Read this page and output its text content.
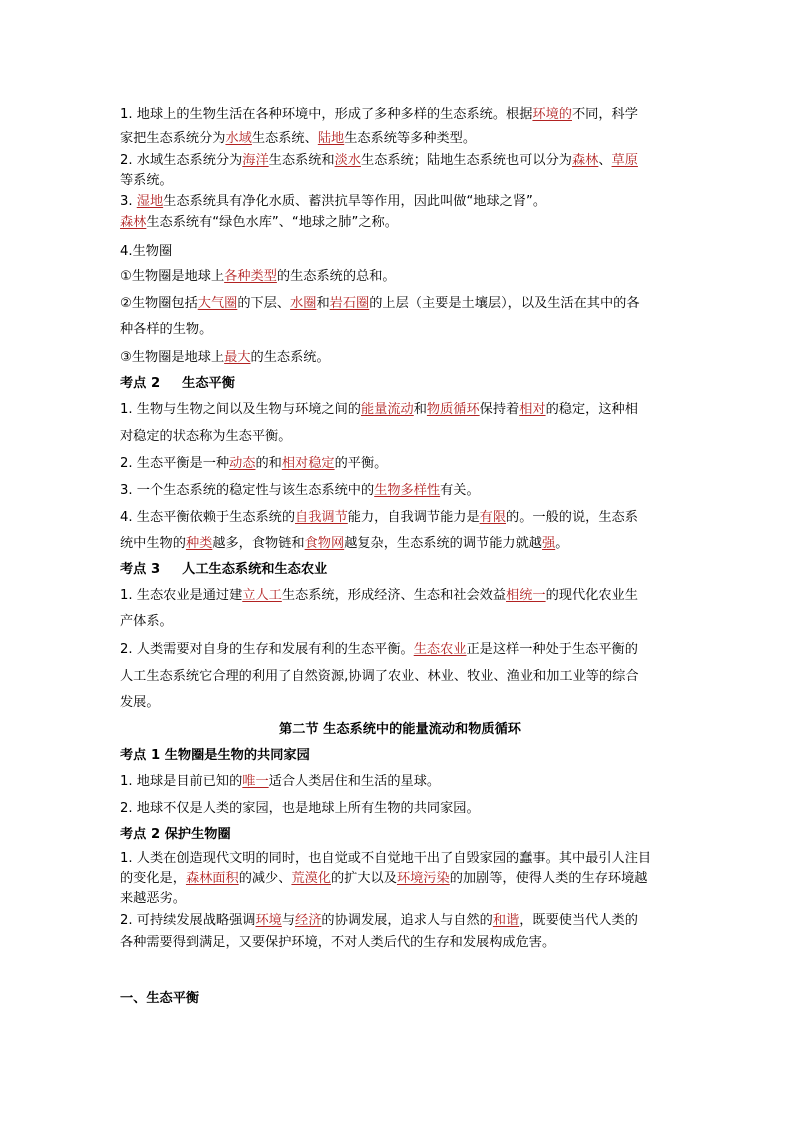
1. 地球上的生物生活在各种环境中，形成了多种多样的生态系统。根据环境的不同，科学
家把生态系统分为水域生态系统、陆地生态系统等多种类型。
2. 水域生态系统分为海洋生态系统和淡水生态系统；陆地生态系统也可以分为森林、草原
等系统。
3. 湿地生态系统具有净化水质、蓄洪抗旱等作用，因此叫做“地球之肾”。
森林生态系统有“绿色水库”、“地球之肺”之称。
4.生物圈
①生物圈是地球上各种类型的生态系统的总和。
②生物圈包括大气圈的下层、水圈和岩石圈的上层（主要是土壤层），以及生活在其中的各
种各样的生物。
③生物圈是地球上最大的生态系统。
考点 2 生态平衡
1. 生物与生物之间以及生物与环境之间的能量流动和物质循环保持着相对的稳定，这种相
对稳定的状态称为生态平衡。
2. 生态平衡是一种动态的和相对稳定的平衡。
3. 一个生态系统的稳定性与该生态系统中的生物多样性有关。
4. 生态平衡依赖于生态系统的自我调节能力，自我调节能力是有限的。一般的说，生态系
统中生物的种类越多，食物链和食物网越复杂，生态系统的调节能力就越强。
考点 3 人工生态系统和生态农业
1. 生态农业是通过建立人工生态系统，形成经济、生态和社会效益相统一的现代化农业生
产体系。
2. 人类需要对自身的生存和发展有利的生态平衡。生态农业正是这样一种处于生态平衡的
人工生态系统它合理的利用了自然资源,协调了农业、林业、牧业、渔业和加工业等的综合
发展。
第二节 生态系统中的能量流动和物质循环
考点 1 生物圈是生物的共同家园
1. 地球是目前已知的唯一适合人类居住和生活的星球。
2. 地球不仅是人类的家园，也是地球上所有生物的共同家园。
考点 2 保护生物圈
1. 人类在创造现代文明的同时，也自觉或不自觉地干出了自毁家园的蠢事。其中最引人注目
的变化是，森林面积的减少、荒漠化的扩大以及环境污染的加剧等，使得人类的生存环境越
来越恶劣。
2. 可持续发展战略强调环境与经济的协调发展，追求人与自然的和谐，既要使当代人类的
各种需要得到满足，又要保护环境，不对人类后代的生存和发展构成危害。
一、生态平衡
